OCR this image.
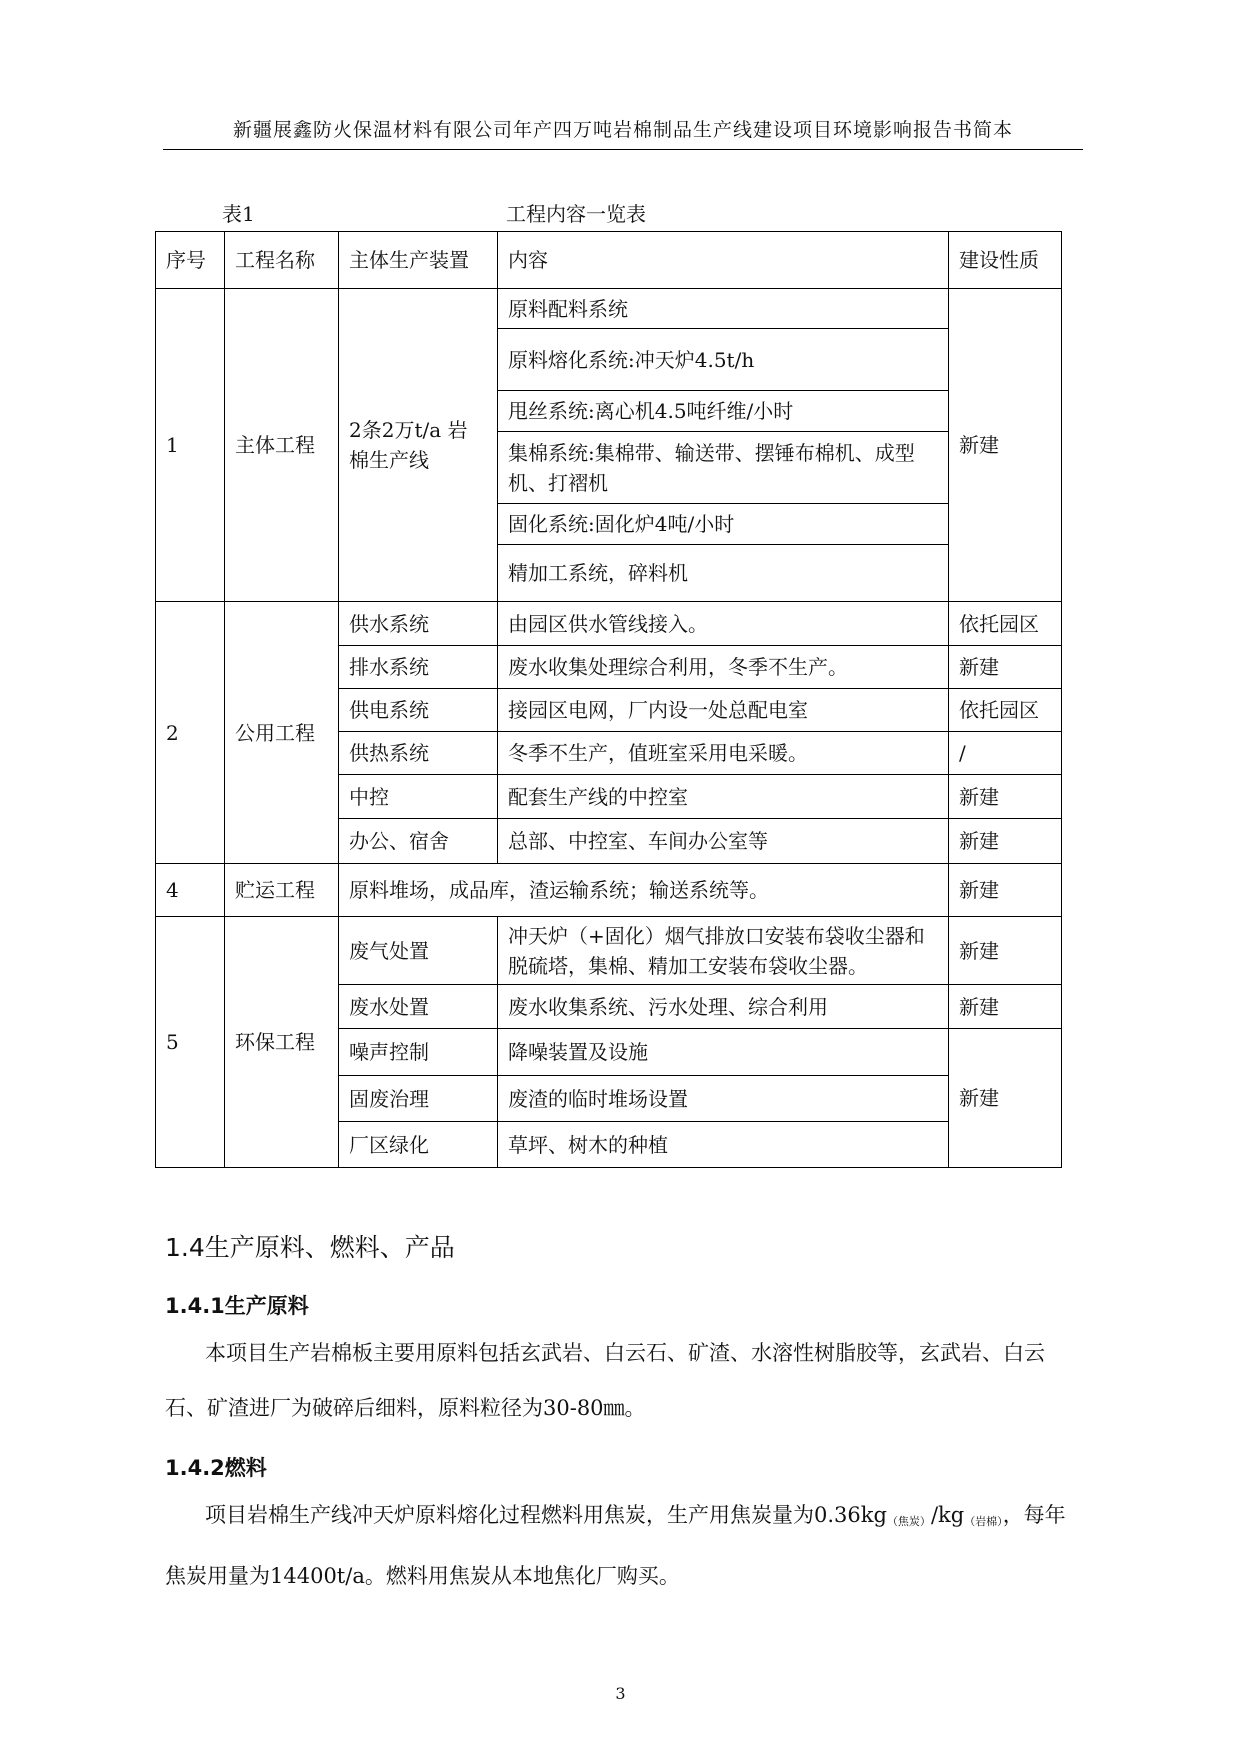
新疆展鑫防火保温材料有限公司年产四万吨岩棉制品生产线建设项目环境影响报告书简本
表1	工程内容一览表
序号	工程名称	主体生产装置	内容	建设性质
1	主体工程	2条2万t/a 岩棉生产线	原料配料系统	新建
			原料熔化系统:冲天炉4.5t/h	
			甩丝系统:离心机4.5吨纤维/小时	
			集棉系统:集棉带、输送带、摆锤布棉机、成型机、打褶机	
			固化系统:固化炉4吨/小时	
			精加工系统，碎料机	
2	公用工程	供水系统	由园区供水管线接入。	依托园区
		排水系统	废水收集处理综合利用，冬季不生产。	新建
		供电系统	接园区电网，厂内设一处总配电室	依托园区
		供热系统	冬季不生产，值班室采用电采暖。	/
		中控	配套生产线的中控室	新建
		办公、宿舍	总部、中控室、车间办公室等	新建
4	贮运工程	原料堆场，成品库，渣运输系统；输送系统等。		新建
5	环保工程	废气处置	冲天炉（+固化）烟气排放口安装布袋收尘器和脱硫塔，集棉、精加工安装布袋收尘器。	新建
		废水处置	废水收集系统、污水处理、综合利用	新建
		噪声控制	降噪装置及设施	新建
		固废治理	废渣的临时堆场设置	
		厂区绿化	草坪、树木的种植	
1.4生产原料、燃料、产品
1.4.1生产原料
本项目生产岩棉板主要用原料包括玄武岩、白云石、矿渣、水溶性树脂胶等，玄武岩、白云石、矿渣进厂为破碎后细料，原料粒径为30-80㎜。
1.4.2燃料
项目岩棉生产线冲天炉原料熔化过程燃料用焦炭，生产用焦炭量为$0.36kg_{(焦炭)}/kg_{(岩棉)}$，每年焦炭用量为14400t/a。燃料用焦炭从本地焦化厂购买。
3
